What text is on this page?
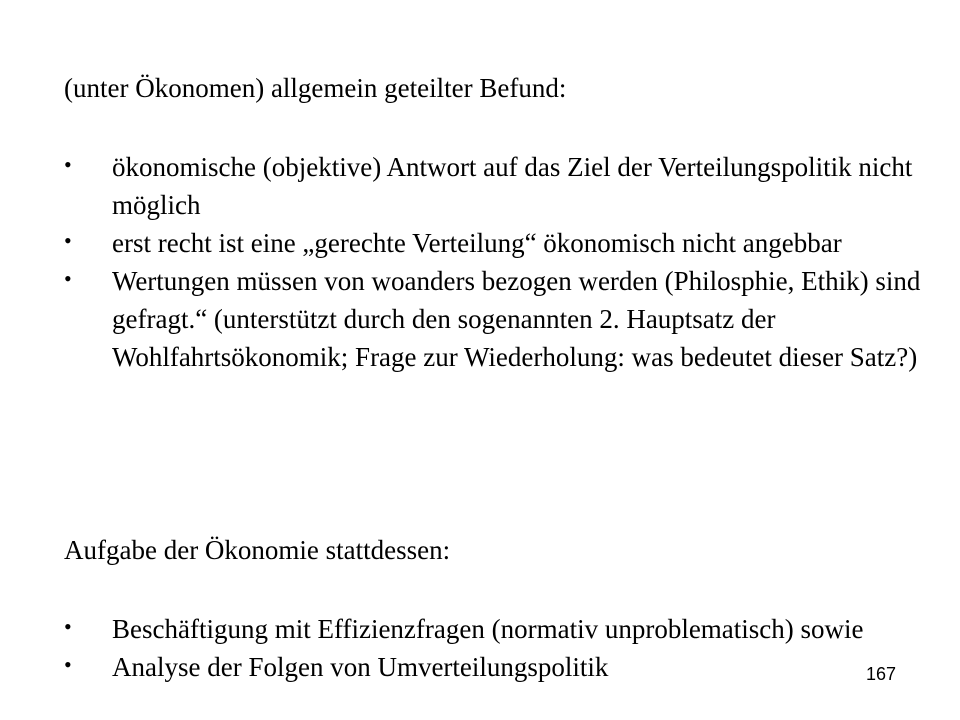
(unter Ökonomen) allgemein geteilter Befund:
•	ökonomische (objektive) Antwort auf das Ziel der Verteilungspolitik nicht möglich
•	erst recht ist eine „gerechte Verteilung“ ökonomisch nicht angebbar
•	Wertungen müssen von woanders bezogen werden (Philosphie, Ethik) sind gefragt.“ (unterstützt durch den sogenannten 2. Hauptsatz der Wohlfahrtsökonomik; Frage zur Wiederholung: was bedeutet dieser Satz?)
Aufgabe der Ökonomie stattdessen:
•	Beschäftigung mit Effizienzfragen (normativ unproblematisch) sowie
•	Analyse der Folgen von Umverteilungspolitik	167
